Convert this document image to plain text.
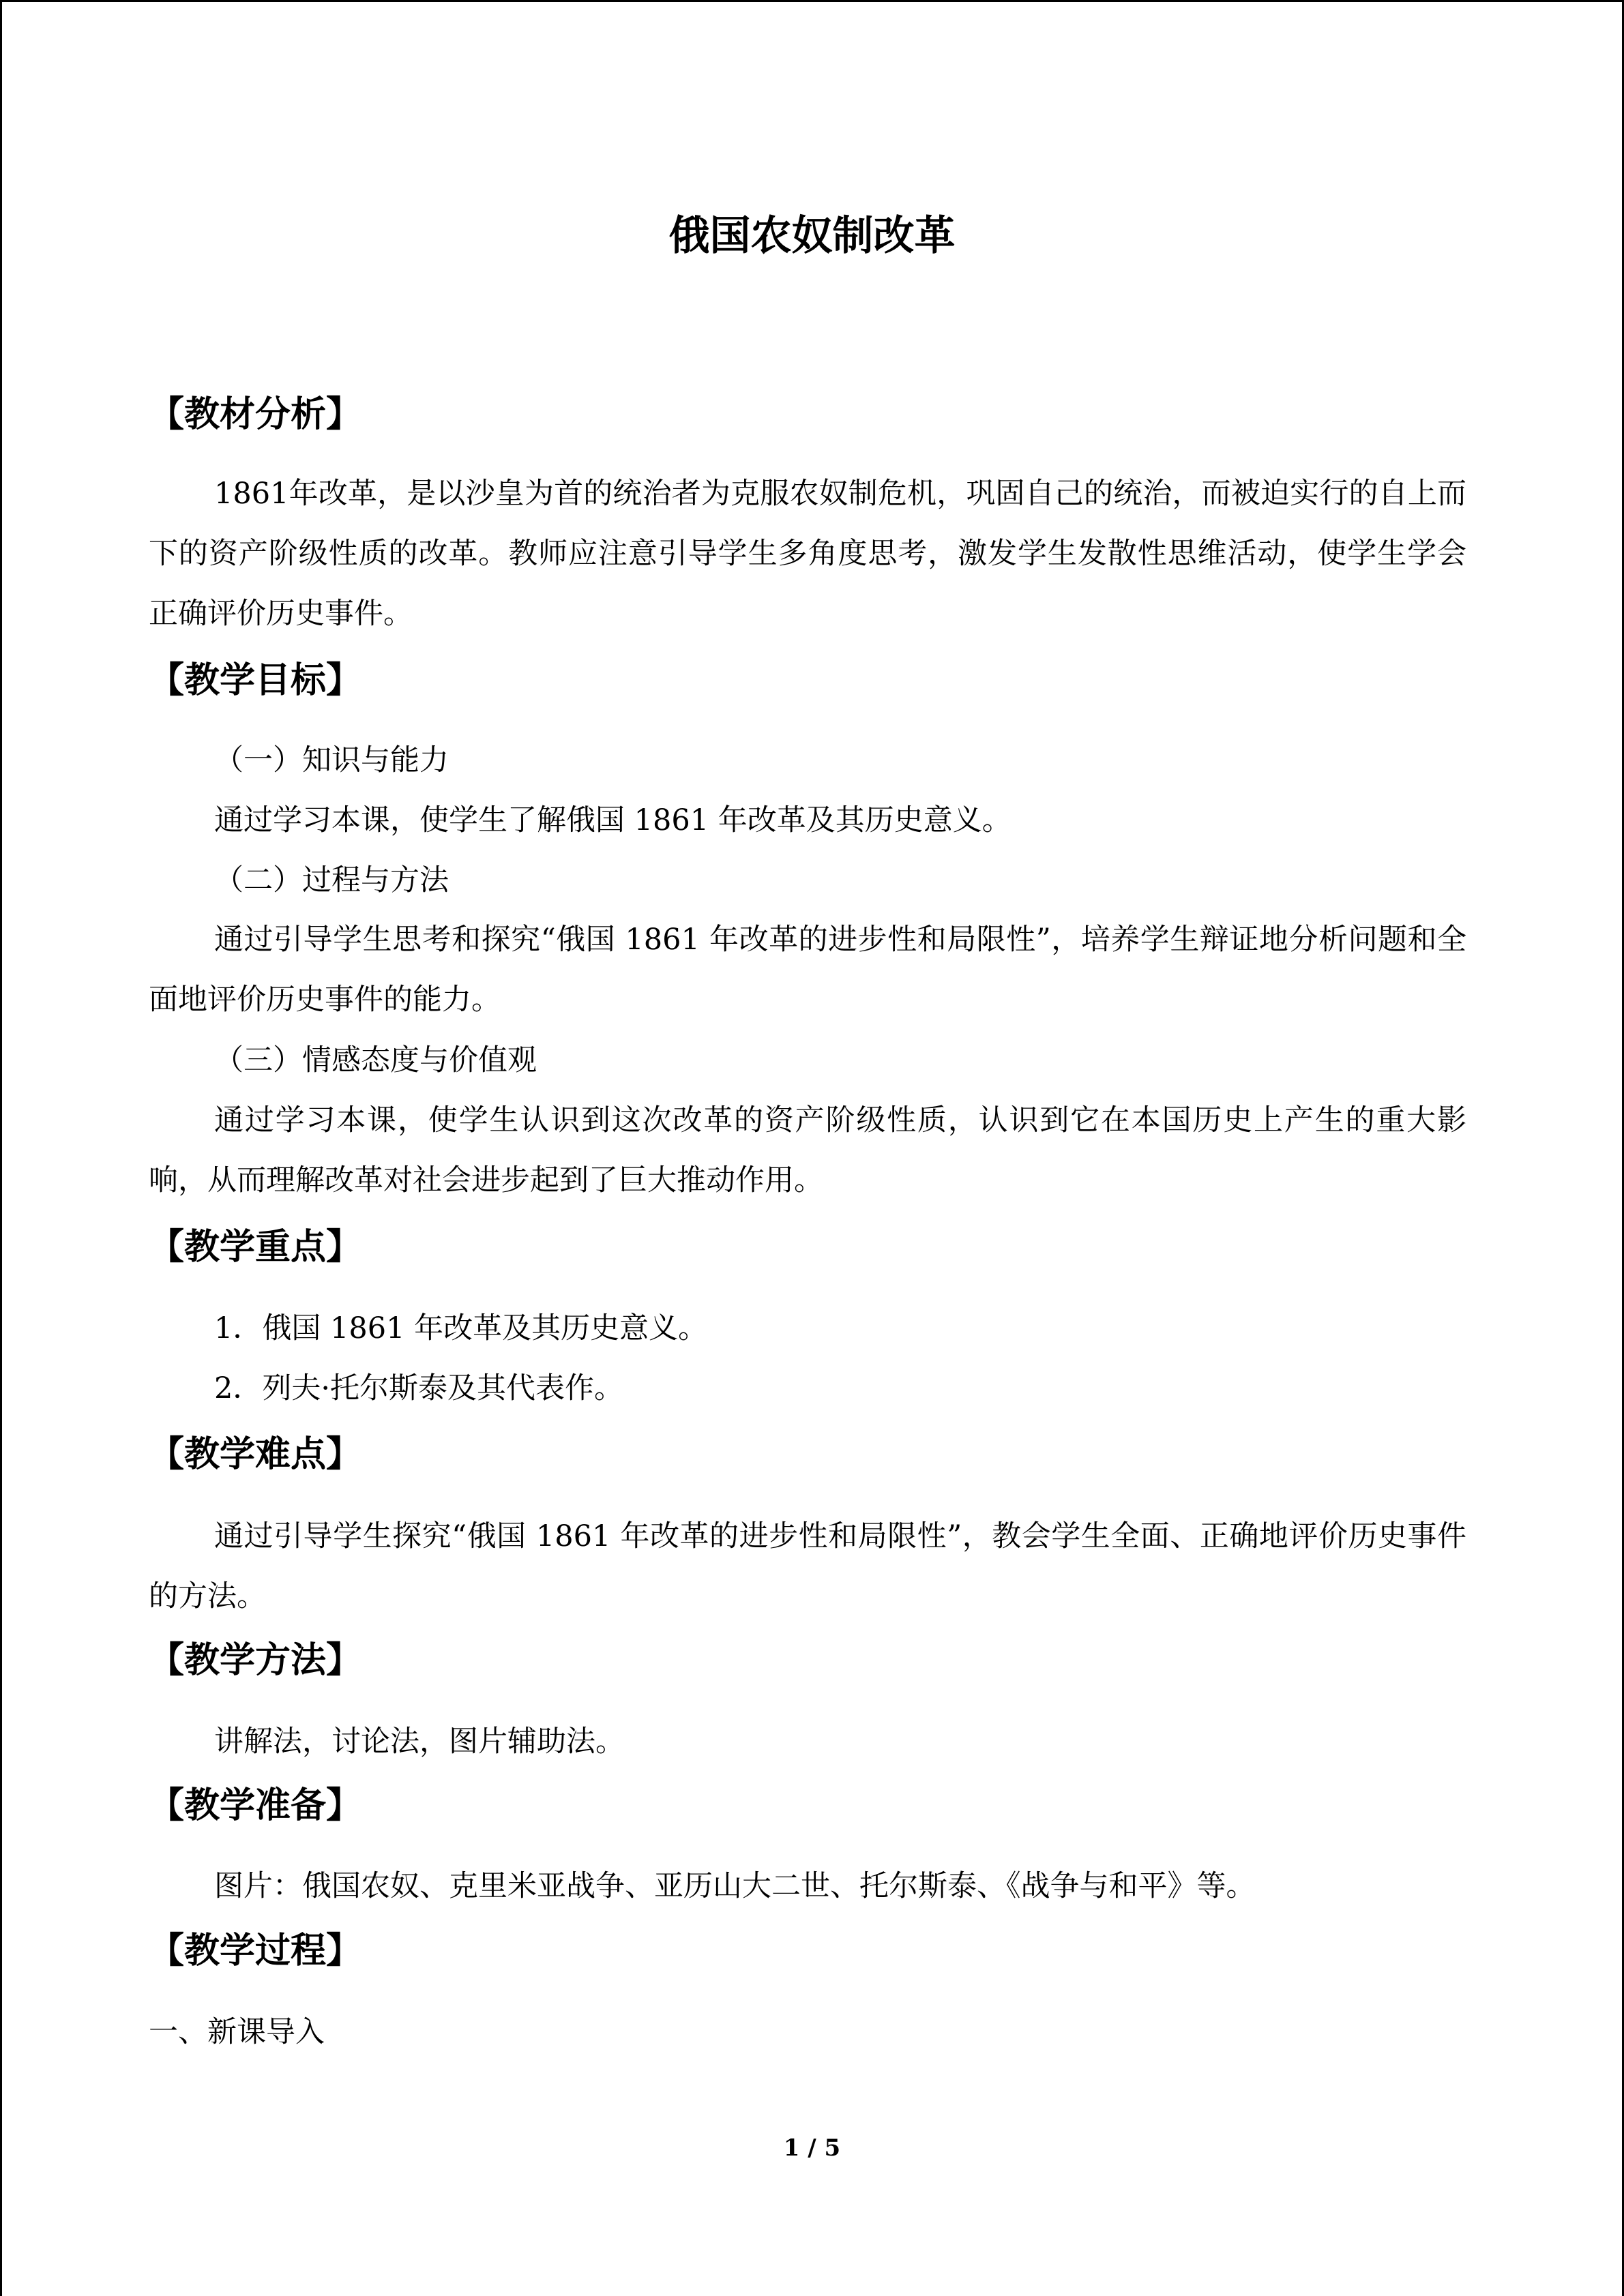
俄国农奴制改革
【教材分析】

1861年改革，是以沙皇为首的统治者为克服农奴制危机，巩固自己的统治，而被迫实行的自上而下的资产阶级性质的改革。教师应注意引导学生多角度思考，激发学生发散性思维活动，使学生学会正确评价历史事件。

【教学目标】
（一）知识与能力
通过学习本课，使学生了解俄国 1861 年改革及其历史意义。
（二）过程与方法

通过引导学生思考和探究“俄国 1861 年改革的进步性和局限性”，培养学生辩证地分析问题和全面地评价历史事件的能力。

（三）情感态度与价值观

通过学习本课，使学生认识到这次改革的资产阶级性质，认识到它在本国历史上产生的重大影响，从而理解改革对社会进步起到了巨大推动作用。

【教学重点】
1．俄国 1861 年改革及其历史意义。
2．列夫·托尔斯泰及其代表作。
【教学难点】

通过引导学生探究“俄国 1861 年改革的进步性和局限性”，教会学生全面、正确地评价历史事件的方法。

【教学方法】
讲解法，讨论法，图片辅助法。
【教学准备】
图片：俄国农奴、克里米亚战争、亚历山大二世、托尔斯泰、《战争与和平》等。
【教学过程】
一、新课导入
1 / 5
